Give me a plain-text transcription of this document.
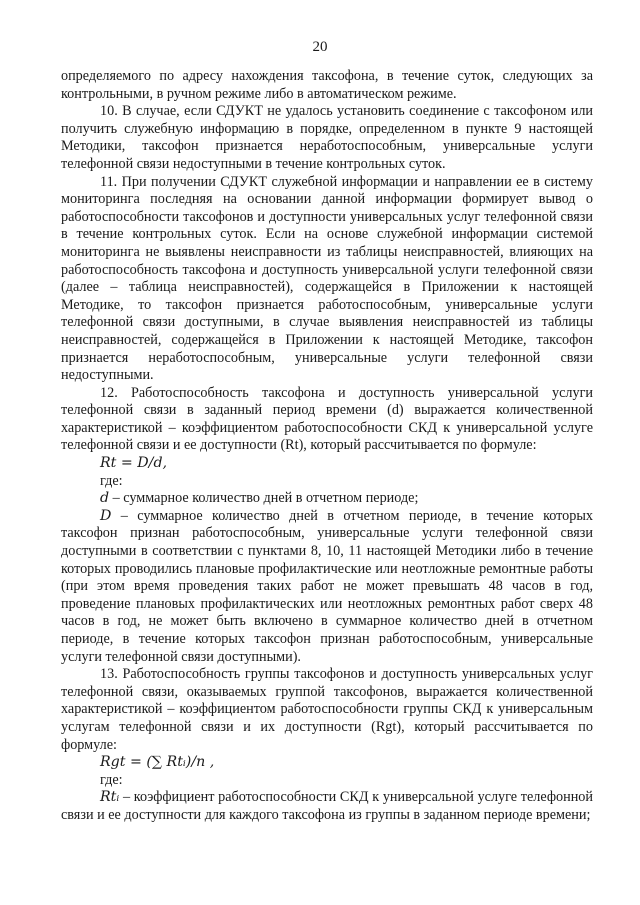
20

определяемого по адресу нахождения таксофона, в течение суток, следующих за контрольными, в ручном режиме либо в автоматическом режиме.

10. В случае, если СДУКТ не удалось установить соединение с таксофоном или получить служебную информацию в порядке, определенном в пункте 9 настоящей Методики, таксофон признается неработоспособным, универсальные услуги телефонной связи недоступными в течение контрольных суток.

11. При получении СДУКТ служебной информации и направлении ее в систему мониторинга последняя на основании данной информации формирует вывод о работоспособности таксофонов и доступности универсальных услуг телефонной связи в течение контрольных суток. Если на основе служебной информации системой мониторинга не выявлены неисправности из таблицы неисправностей, влияющих на работоспособность таксофона и доступность универсальной услуги телефонной связи (далее – таблица неисправностей), содержащейся в Приложении к настоящей Методике, то таксофон признается работоспособным, универсальные услуги телефонной связи доступными, в случае выявления неисправностей из таблицы неисправностей, содержащейся в Приложении к настоящей Методике, таксофон признается неработоспособным, универсальные услуги телефонной связи недоступными.

12. Работоспособность таксофона и доступность универсальной услуги телефонной связи в заданный период времени (d) выражается количественной характеристикой – коэффициентом работоспособности СКД к универсальной услуге телефонной связи и ее доступности (Rt), который рассчитывается по формуле:

Rt = D/d,

где:

d – суммарное количество дней в отчетном периоде;

D – суммарное количество дней в отчетном периоде, в течение которых таксофон признан работоспособным, универсальные услуги телефонной связи доступными в соответствии с пунктами 8, 10, 11 настоящей Методики либо в течение которых проводились плановые профилактические или неотложные ремонтные работы (при этом время проведения таких работ не может превышать 48 часов в год, проведение плановых профилактических или неотложных ремонтных работ сверх 48 часов в год, не может быть включено в суммарное количество дней в отчетном периоде, в течение которых таксофон признан работоспособным, универсальные услуги телефонной связи доступными).

13. Работоспособность группы таксофонов и доступность универсальных услуг телефонной связи, оказываемых группой таксофонов, выражается количественной характеристикой – коэффициентом работоспособности группы СКД к универсальным услугам телефонной связи и их доступности (Rgt), который рассчитывается по формуле:

Rgt = (∑ Rtᵢ)/n ,

где:

Rtᵢ – коэффициент работоспособности СКД к универсальной услуге телефонной связи и ее доступности для каждого таксофона из группы в заданном периоде времени;
